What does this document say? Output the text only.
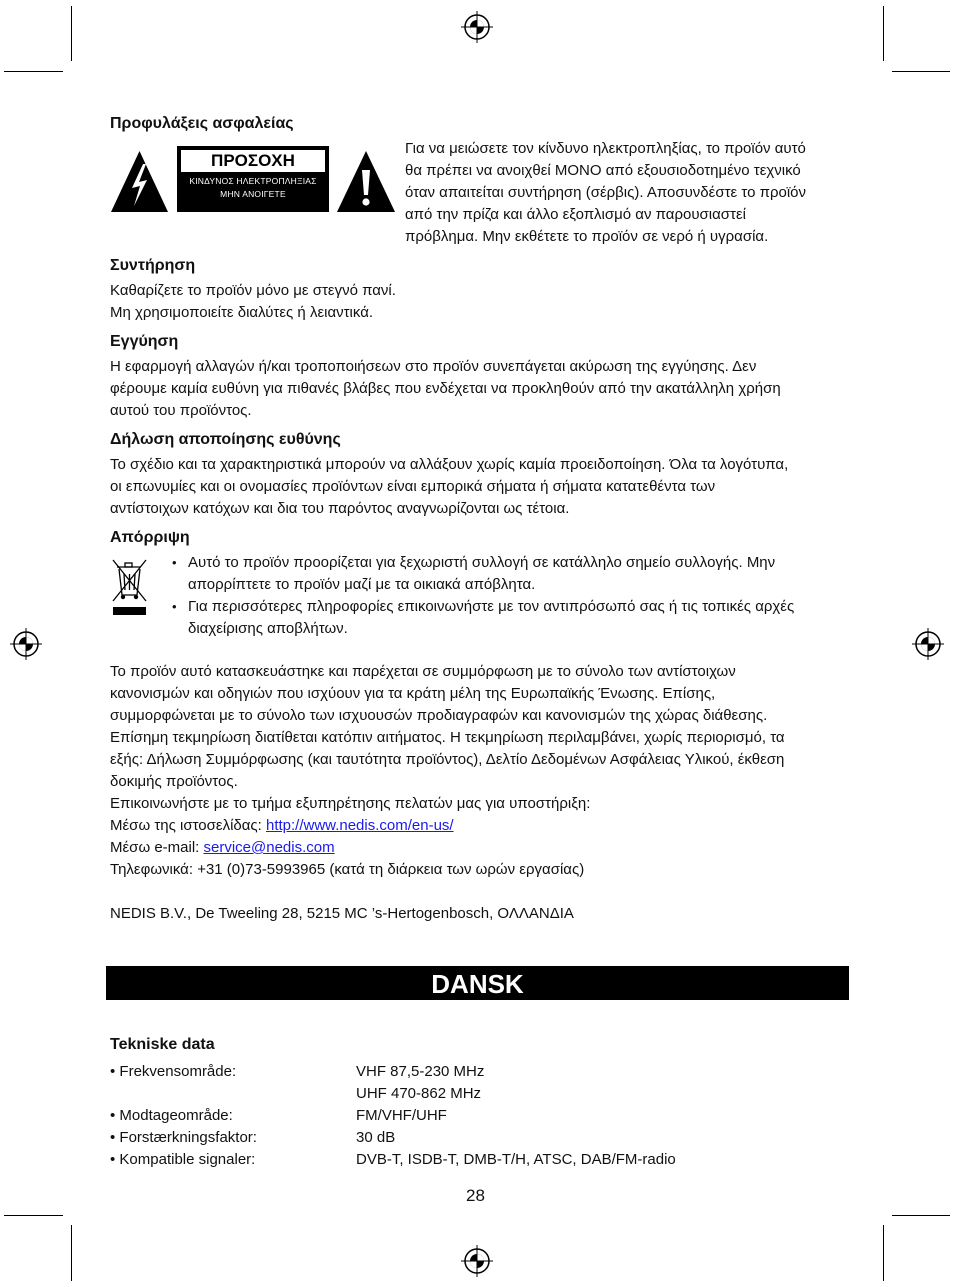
Προφυλάξεις ασφαλείας
ΠΡΟΣΟΧΗ
ΚΙΝΔΥΝΟΣ ΗΛΕΚΤΡΟΠΛΗΞΙΑΣ
ΜΗΝ ΑΝΟΙΓΕΤΕ
Για να μειώσετε τον κίνδυνο ηλεκτροπληξίας, το προϊόν αυτό
θα πρέπει να ανοιχθεί ΜΟΝΟ από εξουσιοδοτημένο τεχνικό
όταν απαιτείται συντήρηση (σέρβις). Αποσυνδέστε το προϊόν
από την πρίζα και άλλο εξοπλισμό αν παρουσιαστεί
πρόβλημα. Μην εκθέτετε το προϊόν σε νερό ή υγρασία.
Συντήρηση
Καθαρίζετε το προϊόν μόνο με στεγνό πανί.
Μη χρησιμοποιείτε διαλύτες ή λειαντικά.
Εγγύηση
Η εφαρμογή αλλαγών ή/και τροποποιήσεων στο προϊόν συνεπάγεται ακύρωση της εγγύησης. Δεν
φέρουμε καμία ευθύνη για πιθανές βλάβες που ενδέχεται να προκληθούν από την ακατάλληλη χρήση
αυτού του προϊόντος.
Δήλωση αποποίησης ευθύνης
Το σχέδιο και τα χαρακτηριστικά μπορούν να αλλάξουν χωρίς καμία προειδοποίηση. Όλα τα λογότυπα,
οι επωνυμίες και οι ονομασίες προϊόντων είναι εμπορικά σήματα ή σήματα κατατεθέντα των
αντίστοιχων κατόχων και δια του παρόντος αναγνωρίζονται ως τέτοια.
Απόρριψη
• Αυτό το προϊόν προορίζεται για ξεχωριστή συλλογή σε κατάλληλο σημείο συλλογής. Μην
απορρίπτετε το προϊόν μαζί με τα οικιακά απόβλητα.
• Για περισσότερες πληροφορίες επικοινωνήστε με τον αντιπρόσωπό σας ή τις τοπικές αρχές
διαχείρισης αποβλήτων.
Το προϊόν αυτό κατασκευάστηκε και παρέχεται σε συμμόρφωση με το σύνολο των αντίστοιχων
κανονισμών και οδηγιών που ισχύουν για τα κράτη μέλη της Ευρωπαϊκής Ένωσης. Επίσης,
συμμορφώνεται με το σύνολο των ισχυουσών προδιαγραφών και κανονισμών της χώρας διάθεσης.
Επίσημη τεκμηρίωση διατίθεται κατόπιν αιτήματος. Η τεκμηρίωση περιλαμβάνει, χωρίς περιορισμό, τα
εξής: Δήλωση Συμμόρφωσης (και ταυτότητα προϊόντος), Δελτίο Δεδομένων Ασφάλειας Υλικού, έκθεση
δοκιμής προϊόντος.
Επικοινωνήστε με το τμήμα εξυπηρέτησης πελατών μας για υποστήριξη:
Μέσω της ιστοσελίδας: http://www.nedis.com/en-us/
Μέσω e-mail: service@nedis.com
Τηλεφωνικά: +31 (0)73-5993965 (κατά τη διάρκεια των ωρών εργασίας)
NEDIS B.V., De Tweeling 28, 5215 MC ’s-Hertogenbosch, ΟΛΛΑΝΔΙΑ
DANSK
Tekniske data
• Frekvensområde:	VHF 87,5-230 MHz
UHF 470-862 MHz
• Modtageområde:	FM/VHF/UHF
• Forstærkningsfaktor:	30 dB
• Kompatible signaler:	DVB-T, ISDB-T, DMB-T/H, ATSC, DAB/FM-radio
28
